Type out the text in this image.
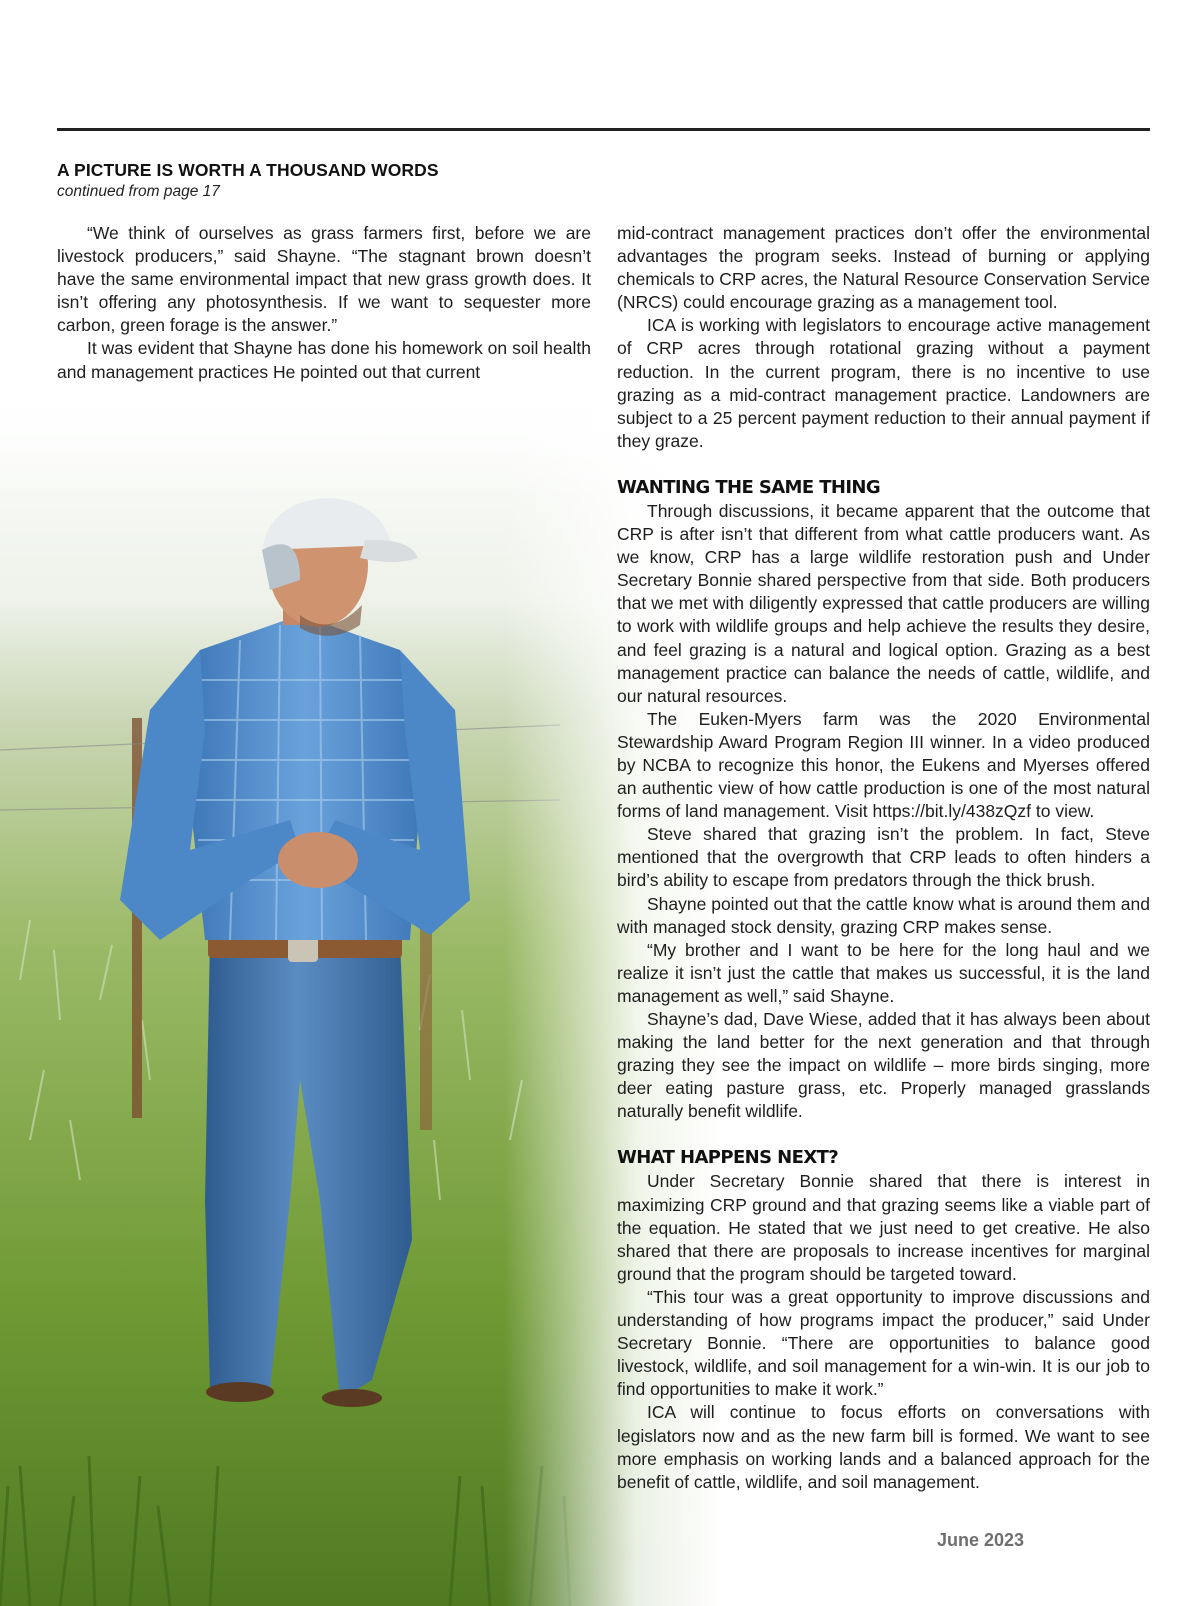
A PICTURE IS WORTH A THOUSAND WORDS

continued from page 17

“We think of ourselves as grass farmers first, before we are livestock producers,” said Shayne. “The stagnant brown doesn’t have the same environmental impact that new grass growth does. It isn’t offering any photosynthesis. If we want to sequester more carbon, green forage is the answer.”

It was evident that Shayne has done his homework on soil health and management practices He pointed out that current

mid-contract management practices don’t offer the environmental advantages the program seeks. Instead of burning or applying chemicals to CRP acres, the Natural Resource Conservation Service (NRCS) could encourage grazing as a management tool.

ICA is working with legislators to encourage active management of CRP acres through rotational grazing without a payment reduction. In the current program, there is no incentive to use grazing as a mid-contract management practice. Landowners are subject to a 25 percent payment reduction to their annual payment if they graze.

WANTING THE SAME THING

Through discussions, it became apparent that the outcome that CRP is after isn’t that different from what cattle producers want. As we know, CRP has a large wildlife restoration push and Under Secretary Bonnie shared perspective from that side. Both producers that we met with diligently expressed that cattle producers are willing to work with wildlife groups and help achieve the results they desire, and feel grazing is a natural and logical option. Grazing as a best management practice can balance the needs of cattle, wildlife, and our natural resources.

The Euken-Myers farm was the 2020 Environmental Stewardship Award Program Region III winner. In a video produced by NCBA to recognize this honor, the Eukens and Myerses offered an authentic view of how cattle production is one of the most natural forms of land management. Visit https://bit.ly/438zQzf to view.

Steve shared that grazing isn’t the problem. In fact, Steve mentioned that the overgrowth that CRP leads to often hinders a bird’s ability to escape from predators through the thick brush.

Shayne pointed out that the cattle know what is around them and with managed stock density, grazing CRP makes sense.

“My brother and I want to be here for the long haul and we realize it isn’t just the cattle that makes us successful, it is the land management as well,” said Shayne.

Shayne’s dad, Dave Wiese, added that it has always been about making the land better for the next generation and that through grazing they see the impact on wildlife – more birds singing, more deer eating pasture grass, etc. Properly managed grasslands naturally benefit wildlife.

WHAT HAPPENS NEXT?

Under Secretary Bonnie shared that there is interest in maximizing CRP ground and that grazing seems like a viable part of the equation. He stated that we just need to get creative. He also shared that there are proposals to increase incentives for marginal ground that the program should be targeted toward.

“This tour was a great opportunity to improve discussions and understanding of how programs impact the producer,” said Under Secretary Bonnie. “There are opportunities to balance good livestock, wildlife, and soil management for a win-win. It is our job to find opportunities to make it work.”

ICA will continue to focus efforts on conversations with legislators now and as the new farm bill is formed. We want to see more emphasis on working lands and a balanced approach for the benefit of cattle, wildlife, and soil management.

June 2023
